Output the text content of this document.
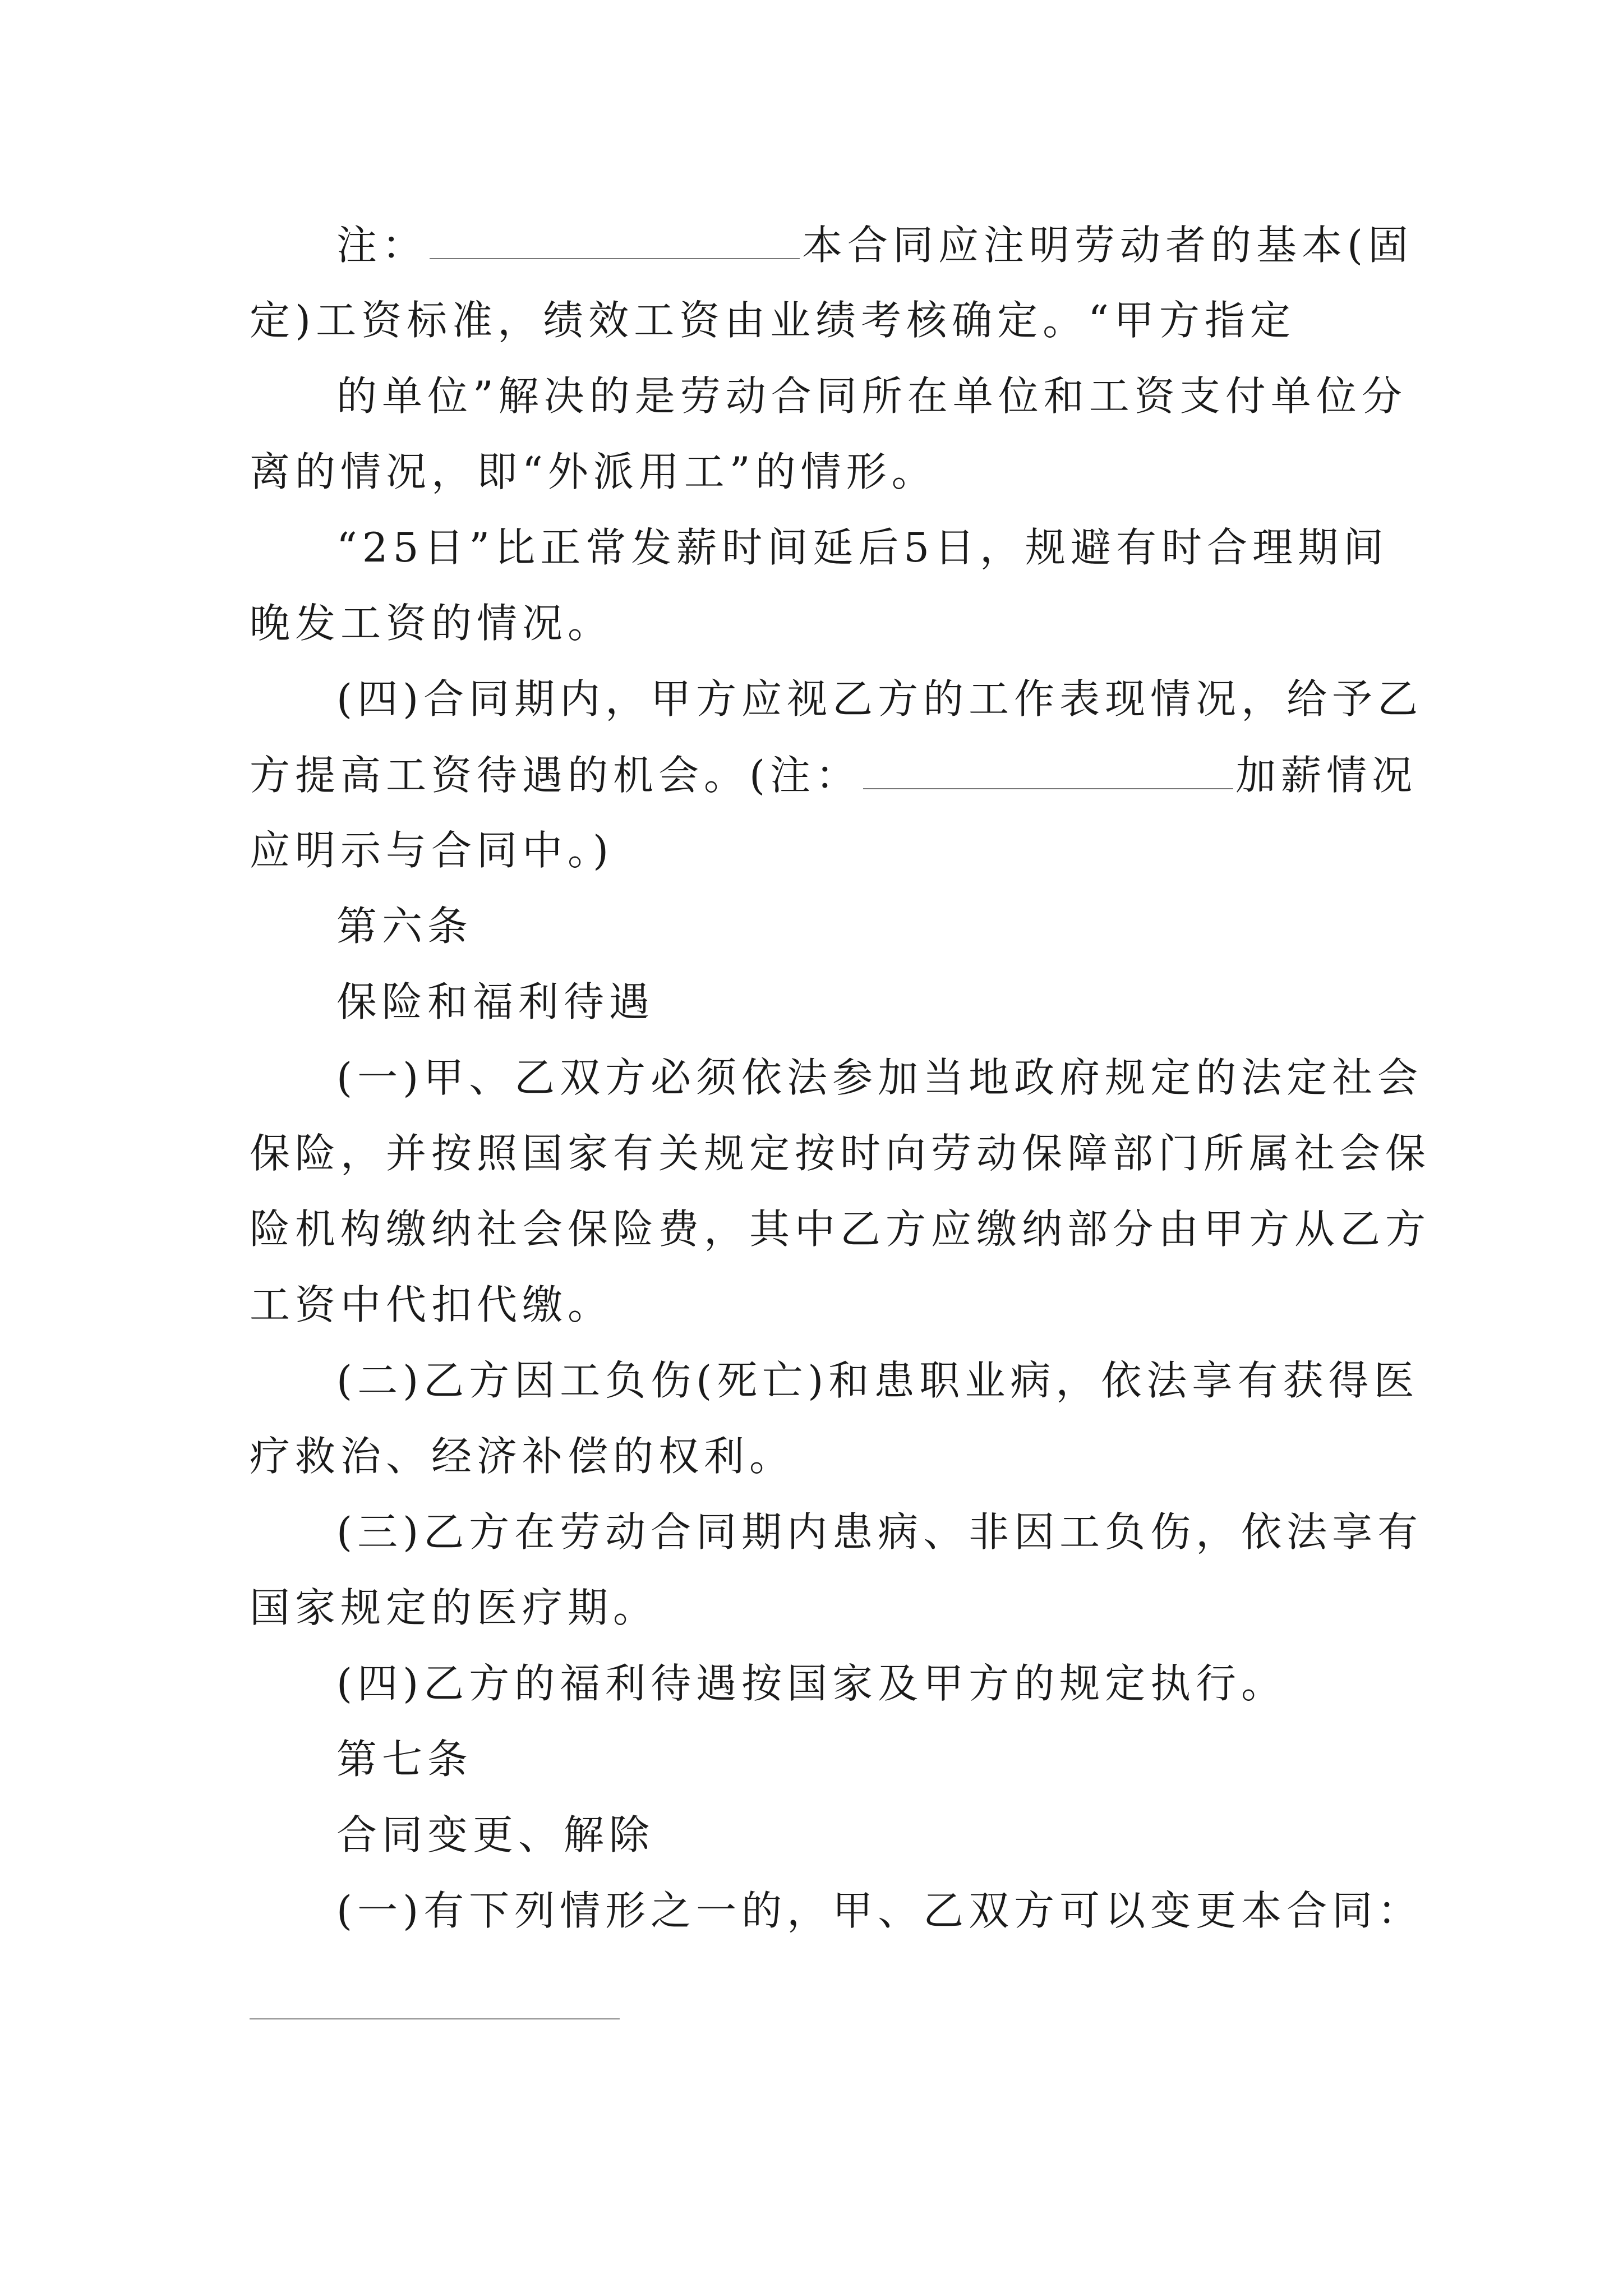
注：	本合同应注明劳动者的基本(固
定)工资标准，绩效工资由业绩考核确定。“甲方指定
的单位”解决的是劳动合同所在单位和工资支付单位分
离的情况，即“外派用工”的情形。
“25日”比正常发薪时间延后5日，规避有时合理期间
晚发工资的情况。
(四)合同期内，甲方应视乙方的工作表现情况，给予乙
方提高工资待遇的机会。(注：	加薪情况
应明示与合同中。)
第六条
保险和福利待遇
(一)甲、乙双方必须依法参加当地政府规定的法定社会
保险，并按照国家有关规定按时向劳动保障部门所属社会保
险机构缴纳社会保险费，其中乙方应缴纳部分由甲方从乙方
工资中代扣代缴。
(二)乙方因工负伤(死亡)和患职业病，依法享有获得医
疗救治、经济补偿的权利。
(三)乙方在劳动合同期内患病、非因工负伤，依法享有
国家规定的医疗期。
(四)乙方的福利待遇按国家及甲方的规定执行。
第七条
合同变更、解除
(一)有下列情形之一的，甲、乙双方可以变更本合同：
